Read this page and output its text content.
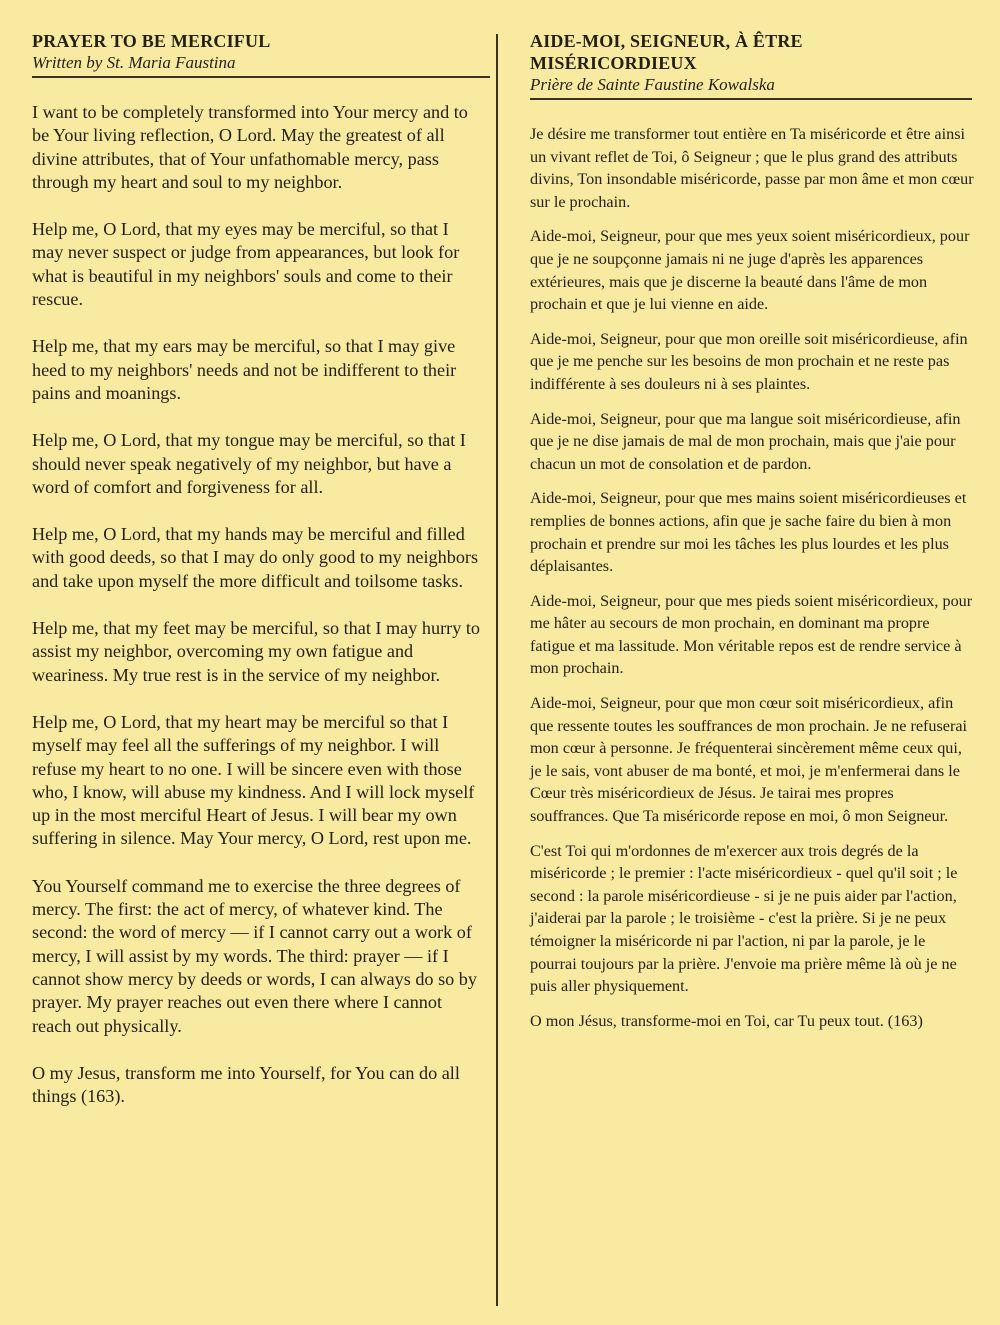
PRAYER TO BE MERCIFUL

Written by St. Maria Faustina

I want to be completely transformed into Your mercy and to be Your living reflection, O Lord. May the greatest of all divine attributes, that of Your unfathomable mercy, pass through my heart and soul to my neighbor.

Help me, O Lord, that my eyes may be merciful, so that I may never suspect or judge from appearances, but look for what is beautiful in my neighbors' souls and come to their rescue.

Help me, that my ears may be merciful, so that I may give heed to my neighbors' needs and not be indifferent to their pains and moanings.

Help me, O Lord, that my tongue may be merciful, so that I should never speak negatively of my neighbor, but have a word of comfort and forgiveness for all.

Help me, O Lord, that my hands may be merciful and filled with good deeds, so that I may do only good to my neighbors and take upon myself the more difficult and toilsome tasks.

Help me, that my feet may be merciful, so that I may hurry to assist my neighbor, overcoming my own fatigue and weariness. My true rest is in the service of my neighbor.

Help me, O Lord, that my heart may be merciful so that I myself may feel all the sufferings of my neighbor. I will refuse my heart to no one. I will be sincere even with those who, I know, will abuse my kindness. And I will lock myself up in the most merciful Heart of Jesus. I will bear my own suffering in silence. May Your mercy, O Lord, rest upon me.

You Yourself command me to exercise the three degrees of mercy. The first: the act of mercy, of whatever kind. The second: the word of mercy — if I cannot carry out a work of mercy, I will assist by my words. The third: prayer — if I cannot show mercy by deeds or words, I can always do so by prayer. My prayer reaches out even there where I cannot reach out physically.

O my Jesus, transform me into Yourself, for You can do all things (163).

AIDE-MOI, SEIGNEUR, À ÊTRE MISÉRICORDIEUX

Prière de Sainte Faustine Kowalska

Je désire me transformer tout entière en Ta miséricorde et être ainsi un vivant reflet de Toi, ô Seigneur ; que le plus grand des attributs divins, Ton insondable miséricorde, passe par mon âme et mon cœur sur le prochain.

Aide-moi, Seigneur, pour que mes yeux soient miséricordieux, pour que je ne soupçonne jamais ni ne juge d'après les apparences extérieures, mais que je discerne la beauté dans l'âme de mon prochain et que je lui vienne en aide.

Aide-moi, Seigneur, pour que mon oreille soit miséricordieuse, afin que je me penche sur les besoins de mon prochain et ne reste pas indifférente à ses douleurs ni à ses plaintes.

Aide-moi, Seigneur, pour que ma langue soit miséricordieuse, afin que je ne dise jamais de mal de mon prochain, mais que j'aie pour chacun un mot de consolation et de pardon.

Aide-moi, Seigneur, pour que mes mains soient miséricordieuses et remplies de bonnes actions, afin que je sache faire du bien à mon prochain et prendre sur moi les tâches les plus lourdes et les plus déplaisantes.

Aide-moi, Seigneur, pour que mes pieds soient miséricordieux, pour me hâter au secours de mon prochain, en dominant ma propre fatigue et ma lassitude. Mon véritable repos est de rendre service à mon prochain.

Aide-moi, Seigneur, pour que mon cœur soit miséricordieux, afin que ressente toutes les souffrances de mon prochain. Je ne refuserai mon cœur à personne. Je fréquenterai sincèrement même ceux qui, je le sais, vont abuser de ma bonté, et moi, je m'enfermerai dans le Cœur très miséricordieux de Jésus. Je tairai mes propres souffrances. Que Ta miséricorde repose en moi, ô mon Seigneur.

C'est Toi qui m'ordonnes de m'exercer aux trois degrés de la miséricorde ; le premier : l'acte miséricordieux - quel qu'il soit ; le second : la parole miséricordieuse - si je ne puis aider par l'action, j'aiderai par la parole ; le troisième - c'est la prière. Si je ne peux témoigner la miséricorde ni par l'action, ni par la parole, je le pourrai toujours par la prière. J'envoie ma prière même là où je ne puis aller physiquement.

O mon Jésus, transforme-moi en Toi, car Tu peux tout. (163)
